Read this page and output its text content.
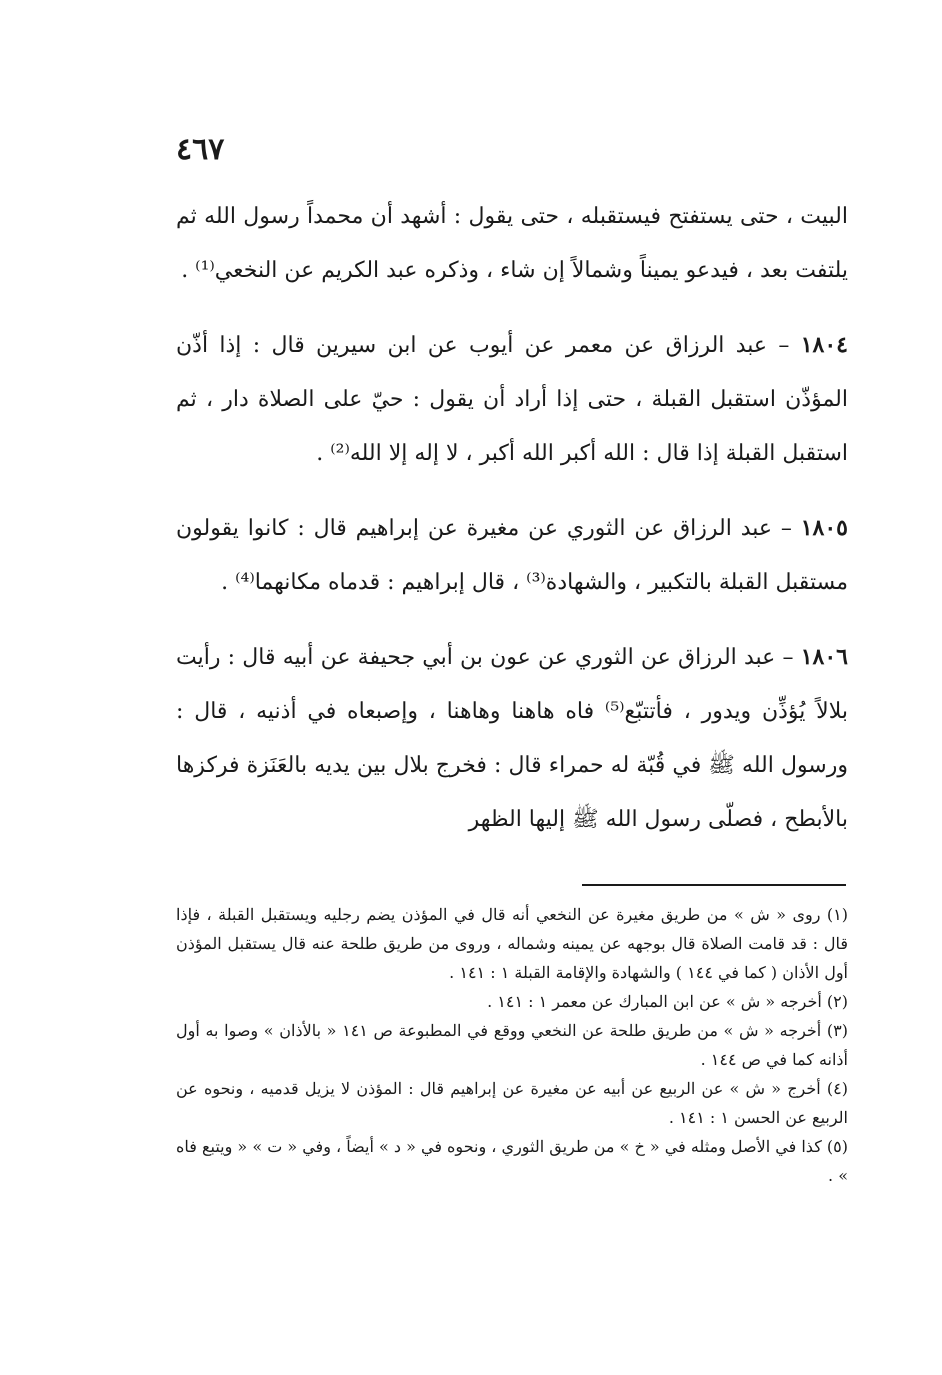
٤٦٧

البيت ، حتى يستفتح فيستقبله ، حتى يقول : أشهد أن محمداً رسول الله ثم يلتفت بعد ، فيدعو يميناً وشمالاً إن شاء ، وذكره عبد الكريم عن النخعي⁽¹⁾ .

١٨٠٤ – عبد الرزاق عن معمر عن أيوب عن ابن سيرين قال : إذا أذّن المؤذّن استقبل القبلة ، حتى إذا أراد أن يقول : حيّ على الصلاة دار ، ثم استقبل القبلة إذا قال : الله أكبر الله أكبر ، لا إله إلا الله⁽²⁾ .

١٨٠٥ – عبد الرزاق عن الثوري عن مغيرة عن إبراهيم قال : كانوا يقولون مستقبل القبلة بالتكبير ، والشهادة⁽³⁾ ، قال إبراهيم : قدماه مكانهما⁽⁴⁾ .

١٨٠٦ – عبد الرزاق عن الثوري عن عون بن أبي جحيفة عن أبيه قال : رأيت بلالاً يُؤذِّن ويدور ، فأتتبّع⁽⁵⁾ فاه هاهنا وهاهنا ، وإصبعاه في أذنيه ، قال : ورسول الله ﷺ في قُبّة له حمراء قال : فخرج بلال بين يديه بالعَنَزة فركزها بالأبطح ، فصلّى رسول الله ﷺ إليها الظهر

(١) روى « ش » من طريق مغيرة عن النخعي أنه قال في المؤذن يضم رجليه ويستقبل القبلة ، فإذا قال : قد قامت الصلاة قال بوجهه عن يمينه وشماله ، وروى من طريق طلحة عنه قال يستقبل المؤذن أول الأذان ( كما في ١٤٤ ) والشهادة والإقامة القبلة ١ : ١٤١ .

(٢) أخرجه « ش » عن ابن المبارك عن معمر ١ : ١٤١ .

(٣) أخرجه « ش » من طريق طلحة عن النخعي ووقع في المطبوعة ص ١٤١ « بالأذان » وصوا به أول أذانه كما في ص ١٤٤ .

(٤) أخرج « ش » عن الربيع عن أبيه عن مغيرة عن إبراهيم قال : المؤذن لا يزيل قدميه ، ونحوه عن الربيع عن الحسن ١ : ١٤١ .

(٥) كذا في الأصل ومثله في « خ » من طريق الثوري ، ونحوه في « د » أيضاً ، وفي « ت » « ويتبع فاه » .
